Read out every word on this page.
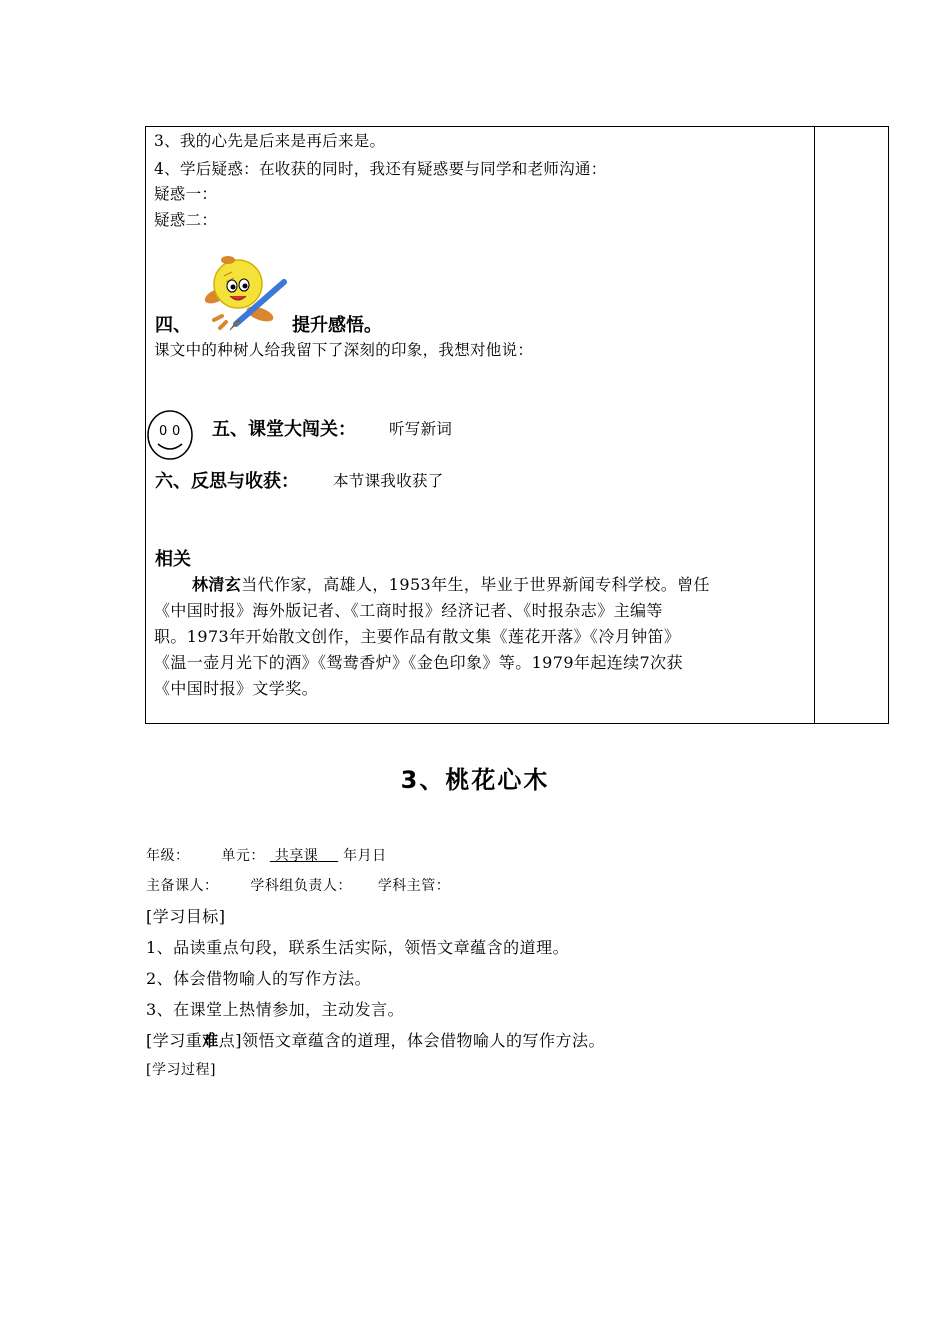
3、我的心先是后来是再后来是。
4、学后疑惑：在收获的同时，我还有疑惑要与同学和老师沟通：
疑惑一：
疑惑二：
四、	提升感悟。
课文中的种树人给我留下了深刻的印象，我想对他说：
五、课堂大闯关： 听写新词
六、反思与收获： 本节课我收获了
相关
林清玄当代作家，高雄人，1953年生，毕业于世界新闻专科学校。曾任
《中国时报》海外版记者、《工商时报》经济记者、《时报杂志》主编等
职。1973年开始散文创作，主要作品有散文集《莲花开落》《冷月钟笛》
《温一壶月光下的酒》《鸳鸯香炉》《金色印象》等。1979年起连续7次获
《中国时报》文学奖。
0 0
3、桃花心木
年级： 单元： 共享课 年月日
主备课人： 学科组负责人： 学科主管：
[学习目标]
1、品读重点句段，联系生活实际，领悟文章蕴含的道理。
2、体会借物喻人的写作方法。
3、在课堂上热情参加，主动发言。
[学习重难点]领悟文章蕴含的道理，体会借物喻人的写作方法。
[学习过程]
